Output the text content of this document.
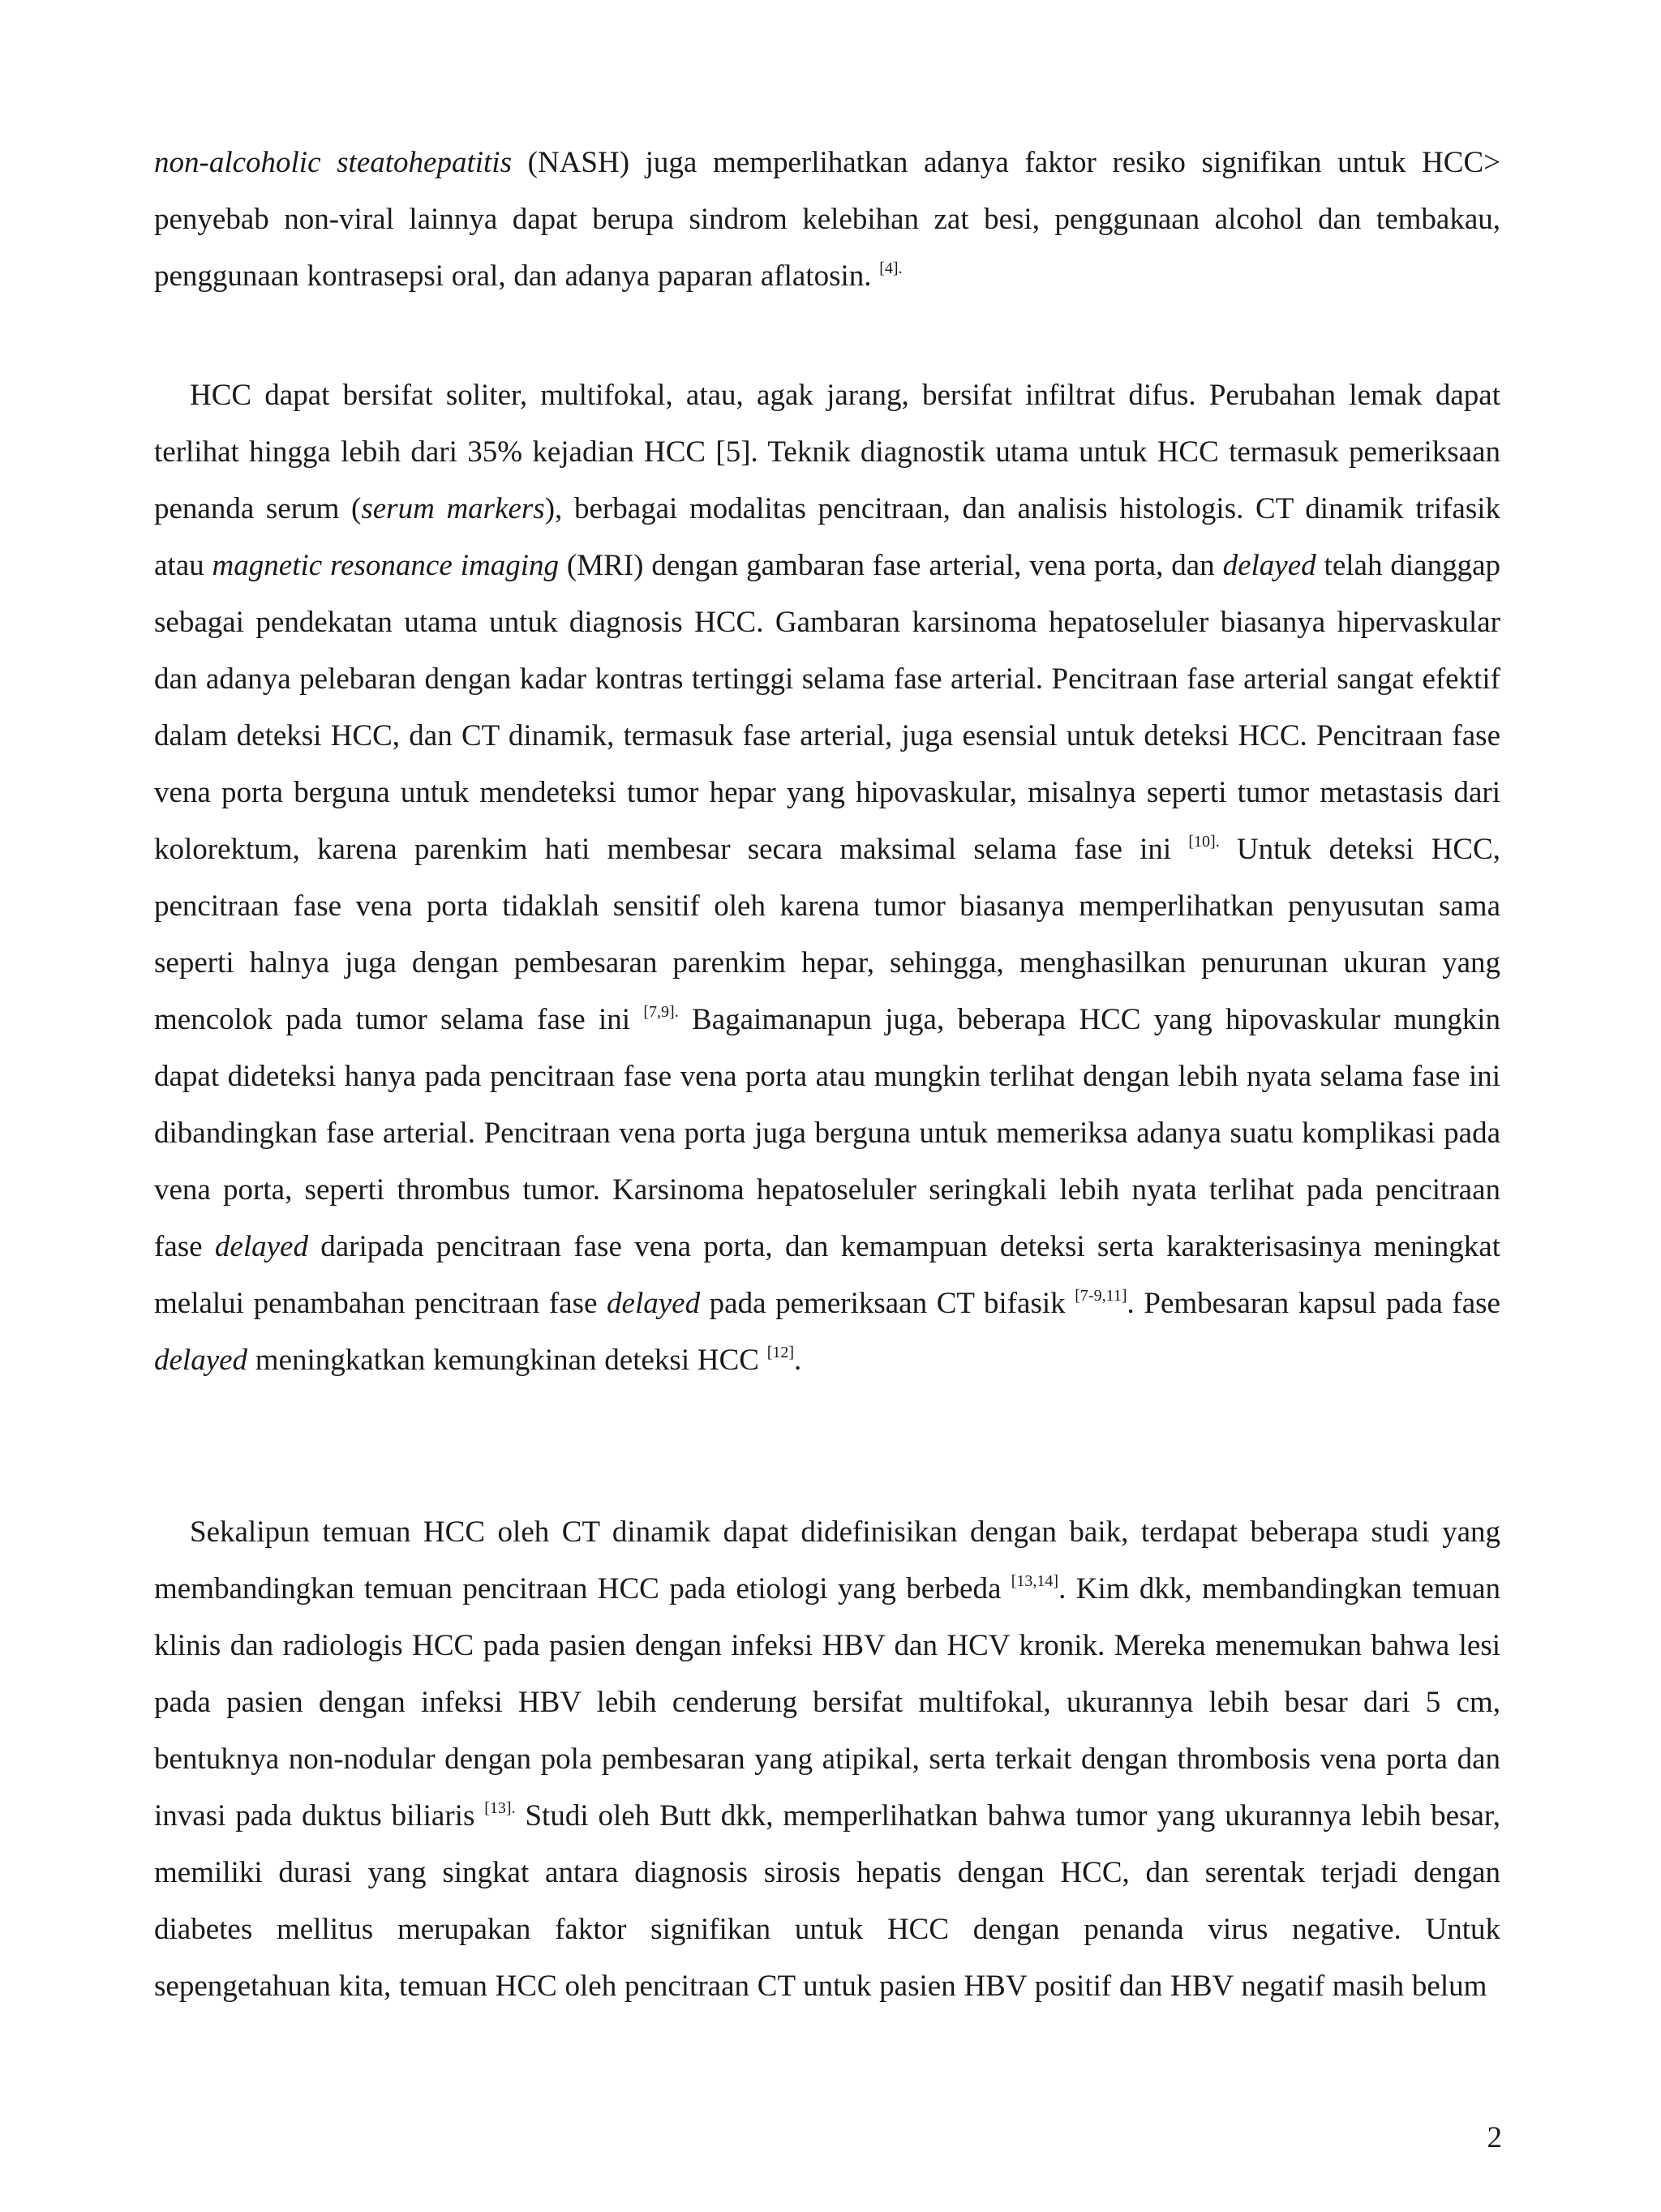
non-alcoholic steatohepatitis (NASH) juga memperlihatkan adanya faktor resiko signifikan untuk HCC> penyebab non-viral lainnya dapat berupa sindrom kelebihan zat besi, penggunaan alcohol dan tembakau, penggunaan kontrasepsi oral, dan adanya paparan aflatosin. $^{[4].}$

HCC dapat bersifat soliter, multifokal, atau, agak jarang, bersifat infiltrat difus. Perubahan lemak dapat terlihat hingga lebih dari 35% kejadian HCC [5]. Teknik diagnostik utama untuk HCC termasuk pemeriksaan penanda serum (serum markers), berbagai modalitas pencitraan, dan analisis histologis. CT dinamik trifasik atau magnetic resonance imaging (MRI) dengan gambaran fase arterial, vena porta, dan delayed telah dianggap sebagai pendekatan utama untuk diagnosis HCC. Gambaran karsinoma hepatoseluler biasanya hipervaskular dan adanya pelebaran dengan kadar kontras tertinggi selama fase arterial. Pencitraan fase arterial sangat efektif dalam deteksi HCC, dan CT dinamik, termasuk fase arterial, juga esensial untuk deteksi HCC. Pencitraan fase vena porta berguna untuk mendeteksi tumor hepar yang hipovaskular, misalnya seperti tumor metastasis dari kolorektum, karena parenkim hati membesar secara maksimal selama fase ini $^{[10].}$ Untuk deteksi HCC, pencitraan fase vena porta tidaklah sensitif oleh karena tumor biasanya memperlihatkan penyusutan sama seperti halnya juga dengan pembesaran parenkim hepar, sehingga, menghasilkan penurunan ukuran yang mencolok pada tumor selama fase ini $^{[7,9].}$ Bagaimanapun juga, beberapa HCC yang hipovaskular mungkin dapat dideteksi hanya pada pencitraan fase vena porta atau mungkin terlihat dengan lebih nyata selama fase ini dibandingkan fase arterial. Pencitraan vena porta juga berguna untuk memeriksa adanya suatu komplikasi pada vena porta, seperti thrombus tumor. Karsinoma hepatoseluler seringkali lebih nyata terlihat pada pencitraan fase delayed daripada pencitraan fase vena porta, dan kemampuan deteksi serta karakterisasinya meningkat melalui penambahan pencitraan fase delayed pada pemeriksaan CT bifasik [7-9,11]. Pembesaran kapsul pada fase delayed meningkatkan kemungkinan deteksi HCC [12].

Sekalipun temuan HCC oleh CT dinamik dapat didefinisikan dengan baik, terdapat beberapa studi yang membandingkan temuan pencitraan HCC pada etiologi yang berbeda [13,14]. Kim dkk, membandingkan temuan klinis dan radiologis HCC pada pasien dengan infeksi HBV dan HCV kronik. Mereka menemukan bahwa lesi pada pasien dengan infeksi HBV lebih cenderung bersifat multifokal, ukurannya lebih besar dari 5 cm, bentuknya non-nodular dengan pola pembesaran yang atipikal, serta terkait dengan thrombosis vena porta dan invasi pada duktus biliaris $^{[13].}$ Studi oleh Butt dkk, memperlihatkan bahwa tumor yang ukurannya lebih besar, memiliki durasi yang singkat antara diagnosis sirosis hepatis dengan HCC, dan serentak terjadi dengan diabetes mellitus merupakan faktor signifikan untuk HCC dengan penanda virus negative. Untuk sepengetahuan kita, temuan HCC oleh pencitraan CT untuk pasien HBV positif dan HBV negatif masih belum

2
